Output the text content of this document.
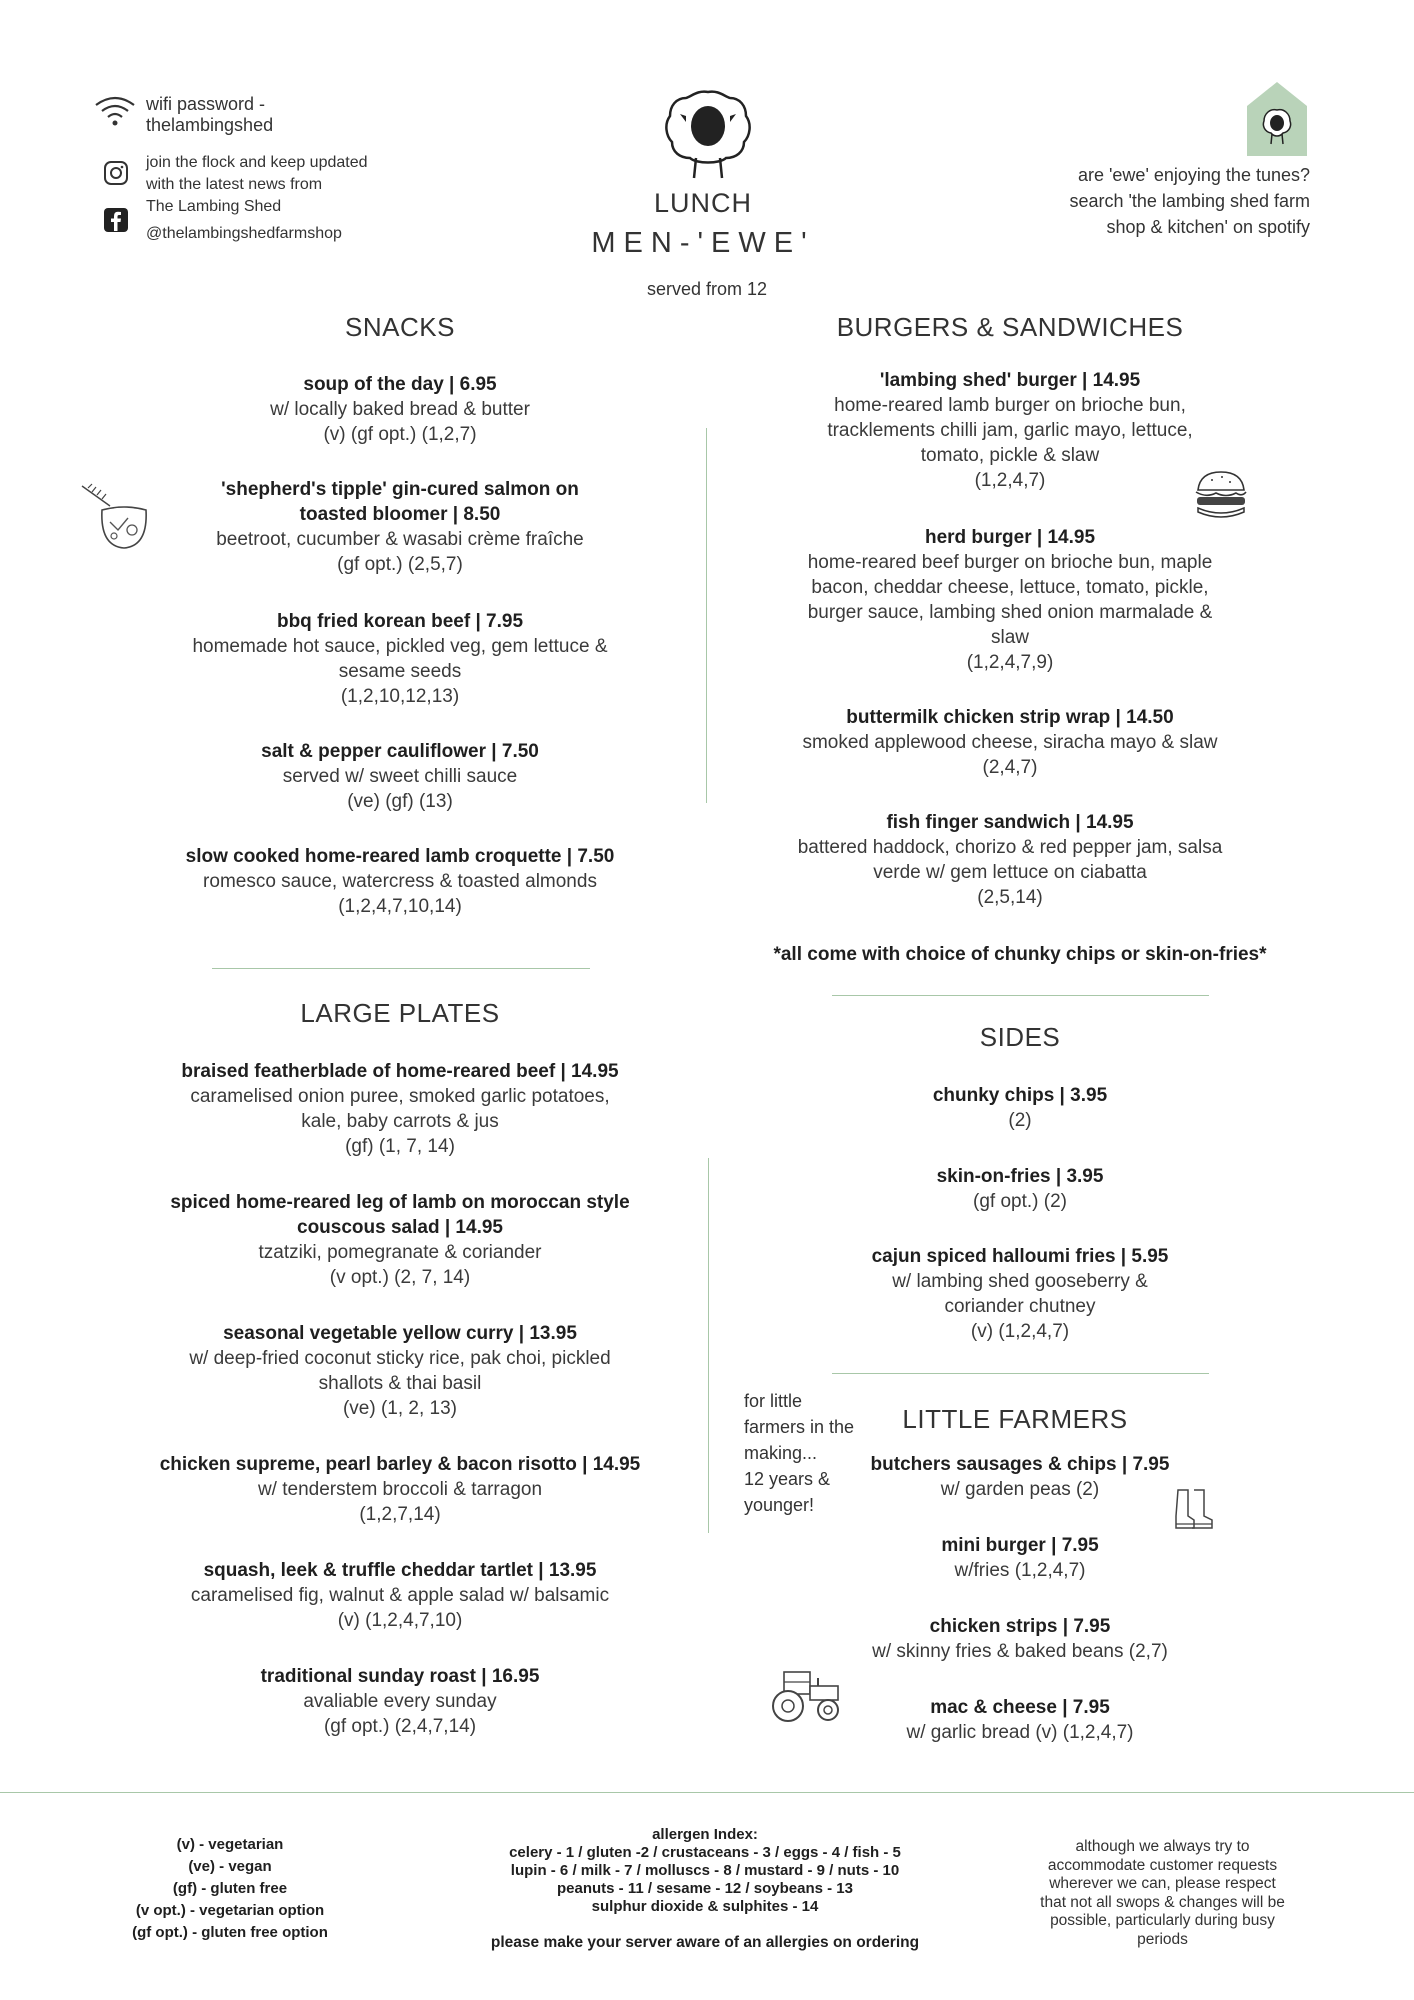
wifi password -
thelambingshed
join the flock and keep updated
with the latest news from
The Lambing Shed
@thelambingshedfarmshop
LUNCH
MEN-'EWE'
served from 12
are 'ewe' enjoying the tunes?
search 'the lambing shed farm
shop & kitchen' on spotify
SNACKS
soup of the day | 6.95
w/ locally baked bread & butter
(v) (gf opt.) (1,2,7)
'shepherd's tipple' gin-cured salmon on
toasted bloomer | 8.50
beetroot, cucumber & wasabi crème fraîche
(gf opt.) (2,5,7)
bbq fried korean beef | 7.95
homemade hot sauce, pickled veg, gem lettuce &
sesame seeds
(1,2,10,12,13)
salt & pepper cauliflower | 7.50
served w/ sweet chilli sauce
(ve) (gf) (13)
slow cooked home-reared lamb croquette | 7.50
romesco sauce, watercress & toasted almonds
(1,2,4,7,10,14)
LARGE PLATES
braised featherblade of home-reared beef | 14.95
caramelised onion puree, smoked garlic potatoes,
kale, baby carrots & jus
(gf) (1, 7, 14)
spiced home-reared leg of lamb on moroccan style
couscous salad | 14.95
tzatziki, pomegranate & coriander
(v opt.) (2, 7, 14)
seasonal vegetable yellow curry | 13.95
w/ deep-fried coconut sticky rice, pak choi, pickled
shallots & thai basil
(ve) (1, 2, 13)
chicken supreme, pearl barley & bacon risotto | 14.95
w/ tenderstem broccoli & tarragon
(1,2,7,14)
squash, leek & truffle cheddar tartlet | 13.95
caramelised fig, walnut & apple salad w/ balsamic
(v) (1,2,4,7,10)
traditional sunday roast | 16.95
avaliable every sunday
(gf opt.) (2,4,7,14)
BURGERS & SANDWICHES
'lambing shed' burger | 14.95
home-reared lamb burger on brioche bun,
tracklements chilli jam, garlic mayo, lettuce,
tomato, pickle & slaw
(1,2,4,7)
herd burger | 14.95
home-reared beef burger on brioche bun, maple
bacon, cheddar cheese, lettuce, tomato, pickle,
burger sauce, lambing shed onion marmalade &
slaw
(1,2,4,7,9)
buttermilk chicken strip wrap | 14.50
smoked applewood cheese, siracha mayo & slaw
(2,4,7)
fish finger sandwich | 14.95
battered haddock, chorizo & red pepper jam, salsa
verde w/ gem lettuce on ciabatta
(2,5,14)
*all come with choice of chunky chips or skin-on-fries*
SIDES
chunky chips | 3.95
(2)
skin-on-fries | 3.95
(gf opt.) (2)
cajun spiced halloumi fries | 5.95
w/ lambing shed gooseberry &
coriander chutney
(v) (1,2,4,7)
for little
farmers in the
making...
12 years &
younger!
LITTLE FARMERS
butchers sausages & chips | 7.95
w/ garden peas (2)
mini burger | 7.95
w/fries (1,2,4,7)
chicken strips | 7.95
w/ skinny fries & baked beans (2,7)
mac & cheese | 7.95
w/ garlic bread (v) (1,2,4,7)
(v) - vegetarian
(ve) - vegan
(gf) - gluten free
(v opt.) - vegetarian option
(gf opt.) - gluten free option
allergen Index:
celery - 1 / gluten -2 / crustaceans - 3 / eggs - 4 / fish - 5
lupin - 6 / milk - 7 / molluscs - 8 / mustard - 9 / nuts - 10
peanuts - 11 / sesame - 12 / soybeans - 13
sulphur dioxide & sulphites - 14
please make your server aware of an allergies on ordering
although we always try to
accommodate customer requests
wherever we can, please respect
that not all swops & changes will be
possible, particularly during busy
periods
